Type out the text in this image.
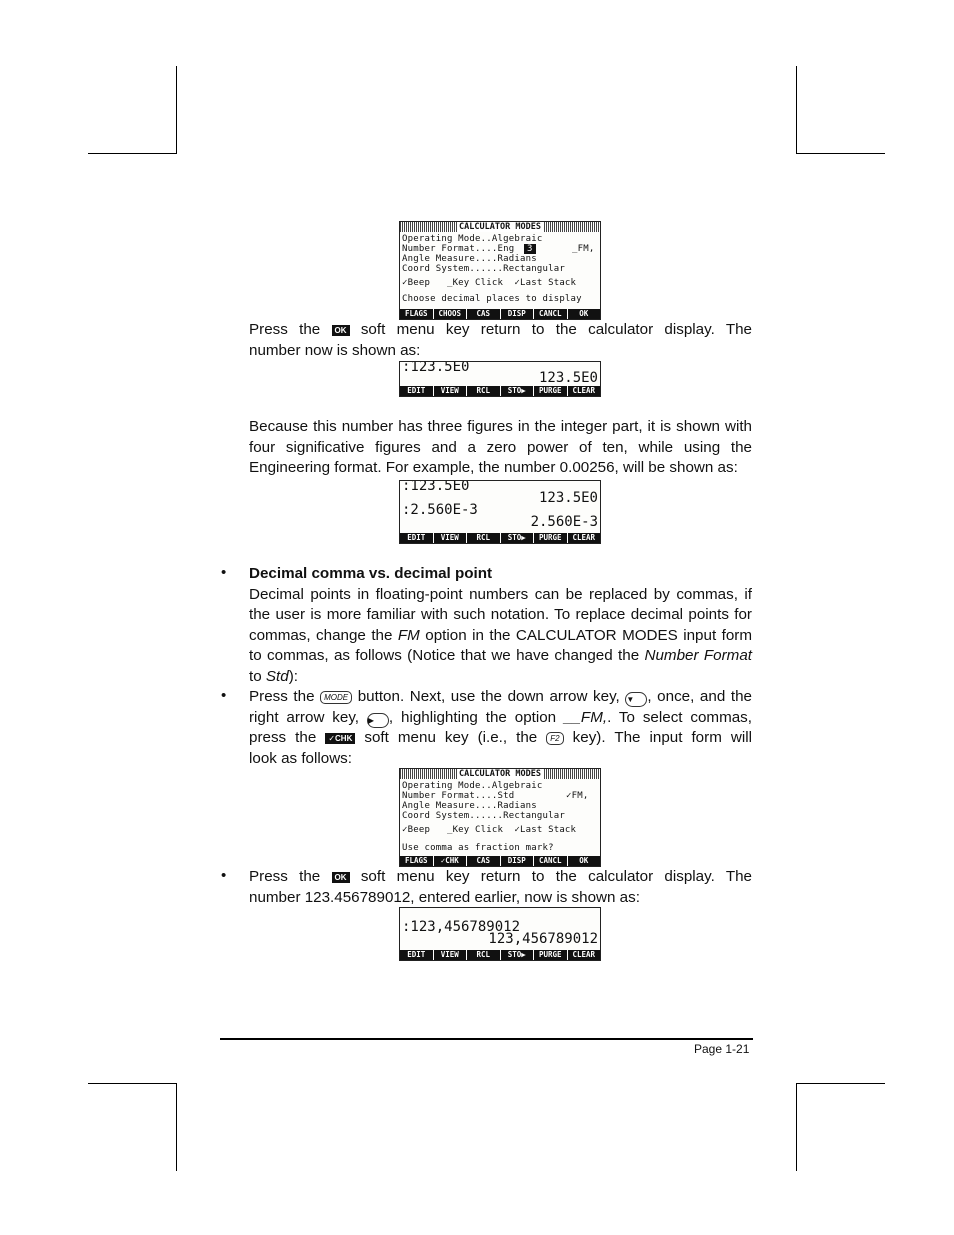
CALCULATOR MODES
Operating Mode..Algebraic
Number Format....Eng	3	_FM,
Angle Measure....Radians
Coord System......Rectangular
✓Beep   _Key Click  ✓Last Stack
Choose decimal places to display
FLAGS	CHOOS	CAS	DISP	CANCL	OK
Press the OK soft menu key return to the calculator display. The
number now is shown as:
:123.5E0
123.5E0
EDIT	VIEW	RCL	STO▶	PURGE	CLEAR
Because this number has three figures in the integer part, it is shown with
four significative figures and a zero power of ten, while using the
Engineering format. For example, the number 0.00256, will be shown as:
:123.5E0
123.5E0
:2.560E-3
2.560E-3
EDIT	VIEW	RCL	STO▶	PURGE	CLEAR
• Decimal comma vs. decimal point
Decimal points in floating-point numbers can be replaced by commas, if
the user is more familiar with such notation. To replace decimal points for
commas, change the FM option in the CALCULATOR MODES input form
to commas, as follows (Notice that we have changed the Number Format
to Std):
• Press the MODE button. Next, use the down arrow key, ▼ , once, and the
right arrow key, ▶ , highlighting the option __FM,. To select commas,
press the ✓CHK soft menu key (i.e., the F2 key). The input form will
look as follows:
CALCULATOR MODES
Operating Mode..Algebraic
Number Format....Std	✓FM,
Angle Measure....Radians
Coord System......Rectangular
✓Beep   _Key Click  ✓Last Stack
Use comma as fraction mark?
FLAGS	✓CHK	CAS	DISP	CANCL	OK
• Press the OK soft menu key return to the calculator display. The
number 123.456789012, entered earlier, now is shown as:
:123,456789012
123,456789012
EDIT	VIEW	RCL	STO▶	PURGE	CLEAR
Page 1-21
